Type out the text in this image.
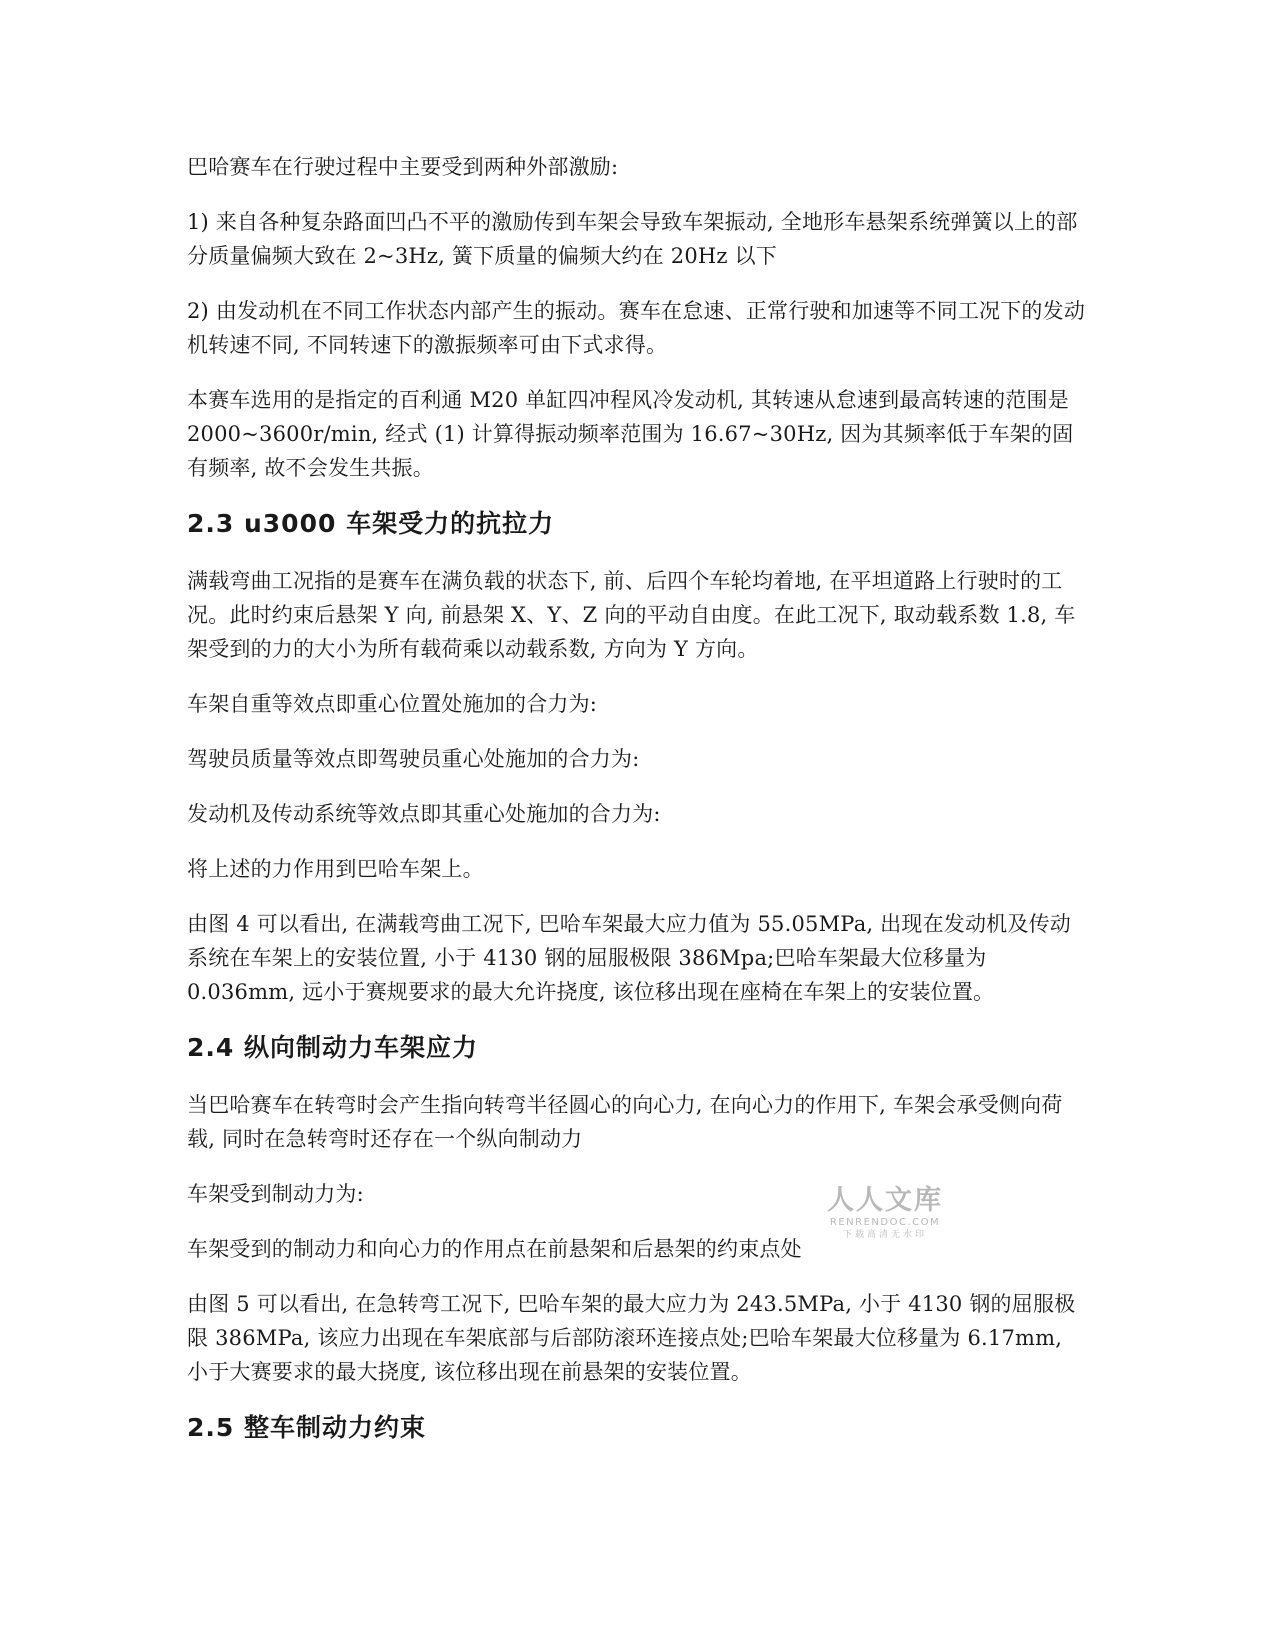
巴哈赛车在行驶过程中主要受到两种外部激励:

1) 来自各种复杂路面凹凸不平的激励传到车架会导致车架振动, 全地形车悬架系统弹簧以上的部分质量偏频大致在 2~3Hz, 簧下质量的偏频大约在 20Hz 以下

2) 由发动机在不同工作状态内部产生的振动。赛车在怠速、正常行驶和加速等不同工况下的发动机转速不同, 不同转速下的激振频率可由下式求得。

本赛车选用的是指定的百利通 M20 单缸四冲程风冷发动机, 其转速从怠速到最高转速的范围是 2000~3600r/min, 经式 (1) 计算得振动频率范围为 16.67~30Hz, 因为其频率低于车架的固有频率, 故不会发生共振。

2.3 u3000 车架受力的抗拉力

满载弯曲工况指的是赛车在满负载的状态下, 前、后四个车轮均着地, 在平坦道路上行驶时的工况。此时约束后悬架 Y 向, 前悬架 X、Y、Z 向的平动自由度。在此工况下, 取动载系数 1.8, 车架受到的力的大小为所有载荷乘以动载系数, 方向为 Y 方向。

车架自重等效点即重心位置处施加的合力为:

驾驶员质量等效点即驾驶员重心处施加的合力为:

发动机及传动系统等效点即其重心处施加的合力为:

将上述的力作用到巴哈车架上。

由图 4 可以看出, 在满载弯曲工况下, 巴哈车架最大应力值为 55.05MPa, 出现在发动机及传动系统在车架上的安装位置, 小于 4130 钢的屈服极限 386Mpa;巴哈车架最大位移量为 0.036mm, 远小于赛规要求的最大允许挠度, 该位移出现在座椅在车架上的安装位置。

2.4 纵向制动力车架应力

当巴哈赛车在转弯时会产生指向转弯半径圆心的向心力, 在向心力的作用下, 车架会承受侧向荷载, 同时在急转弯时还存在一个纵向制动力

车架受到制动力为:

车架受到的制动力和向心力的作用点在前悬架和后悬架的约束点处

由图 5 可以看出, 在急转弯工况下, 巴哈车架的最大应力为 243.5MPa, 小于 4130 钢的屈服极限 386MPa, 该应力出现在车架底部与后部防滚环连接点处;巴哈车架最大位移量为 6.17mm, 小于大赛要求的最大挠度, 该位移出现在前悬架的安装位置。

2.5 整车制动力约束
人人文库
RENRENDOC.COM
下载高清无水印
